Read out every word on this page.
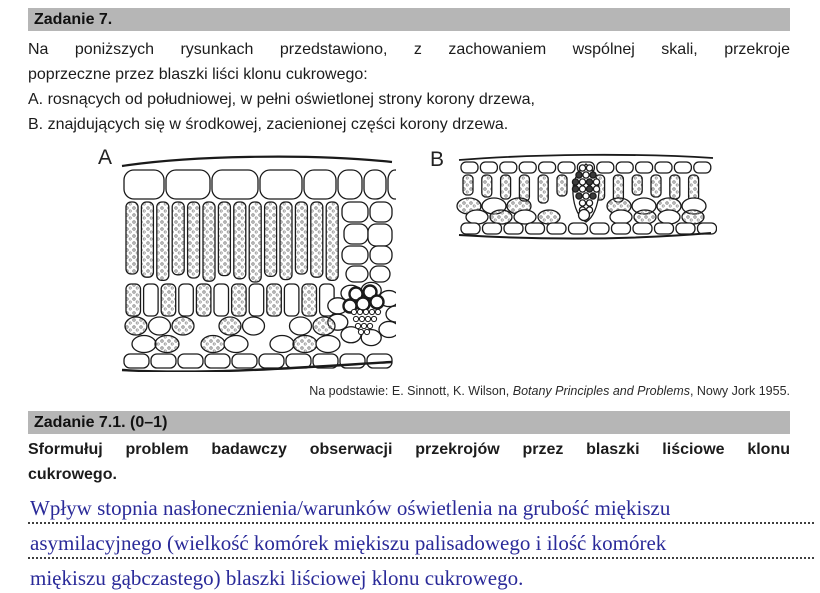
Zadanie 7.
Na poniższych rysunkach przedstawiono, z zachowaniem wspólnej skali, przekroje
poprzeczne przez blaszki liści klonu cukrowego:
A. rosnących od południowej, w pełni oświetlonej strony korony drzewa,
B. znajdujących się w środkowej, zacienionej części korony drzewa.
A	B
Na podstawie: E. Sinnott, K. Wilson, Botany Principles and Problems, Nowy Jork 1955.
Zadanie 7.1. (0–1)
Sformułuj problem badawczy obserwacji przekrojów przez blaszki liściowe klonu
cukrowego.
Wpływ stopnia nasłonecznienia/warunków oświetlenia na grubość miękiszu
asymilacyjnego (wielkość komórek miękiszu palisadowego i ilość komórek
miękiszu gąbczastego) blaszki liściowej klonu cukrowego.
